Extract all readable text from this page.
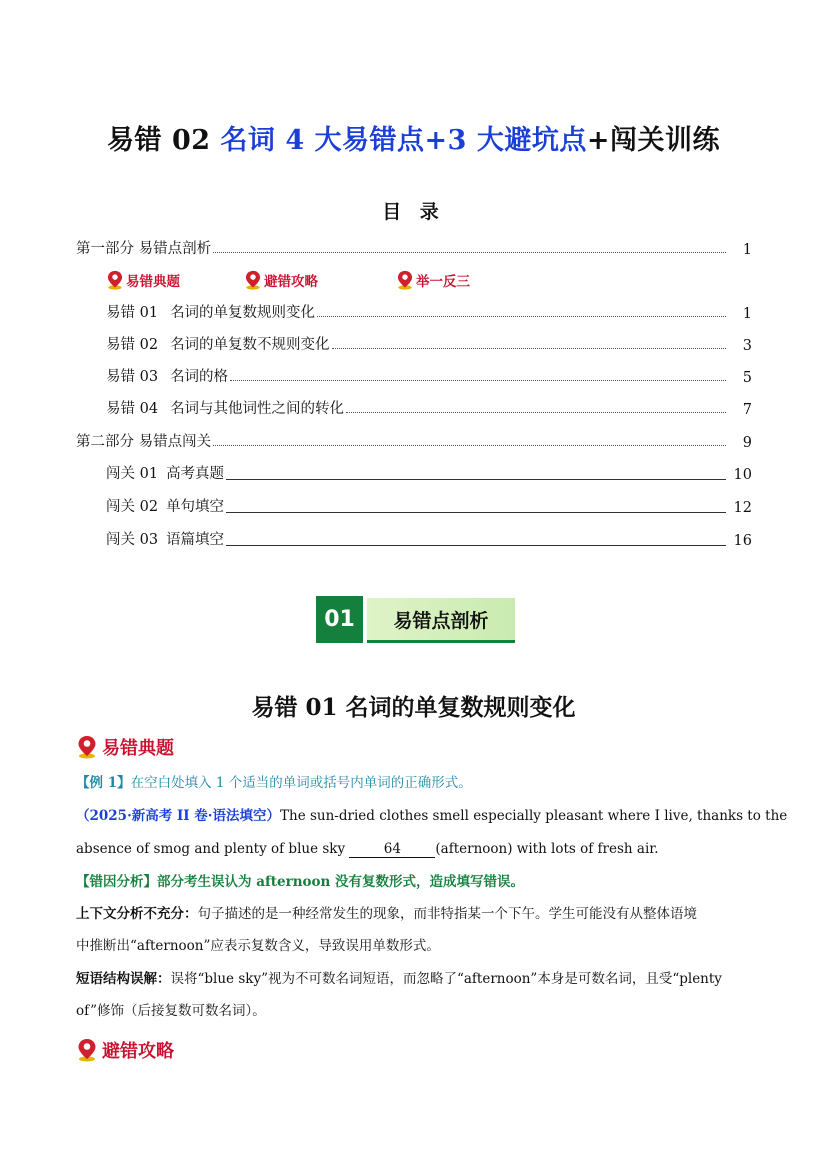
易错 02 名词 4 大易错点+3 大避坑点+闯关训练
目 录
第一部分 易错点剖析	1
易错典题	避错攻略	举一反三
易错 01 名词的单复数规则变化	1
易错 02 名词的单复数不规则变化	3
易错 03 名词的格	5
易错 04 名词与其他词性之间的转化	7
第二部分 易错点闯关	9
闯关 01 高考真题	10
闯关 02 单句填空	12
闯关 03 语篇填空	16
01	易错点剖析
易错 01 名词的单复数规则变化
易错典题
【例 1】在空白处填入 1 个适当的单词或括号内单词的正确形式。
（2025·新高考 II 卷·语法填空）The sun-dried clothes smell especially pleasant where I live, thanks to the
absence of smog and plenty of blue sky	64	(afternoon) with lots of fresh air.
【错因分析】部分考生误认为 afternoon 没有复数形式，造成填写错误。
上下文分析不充分：句子描述的是一种经常发生的现象，而非特指某一个下午。学生可能没有从整体语境
中推断出“afternoon”应表示复数含义，导致误用单数形式。
短语结构误解：误将“blue sky”视为不可数名词短语，而忽略了“afternoon”本身是可数名词，且受“plenty
of”修饰（后接复数可数名词）。
避错攻略
